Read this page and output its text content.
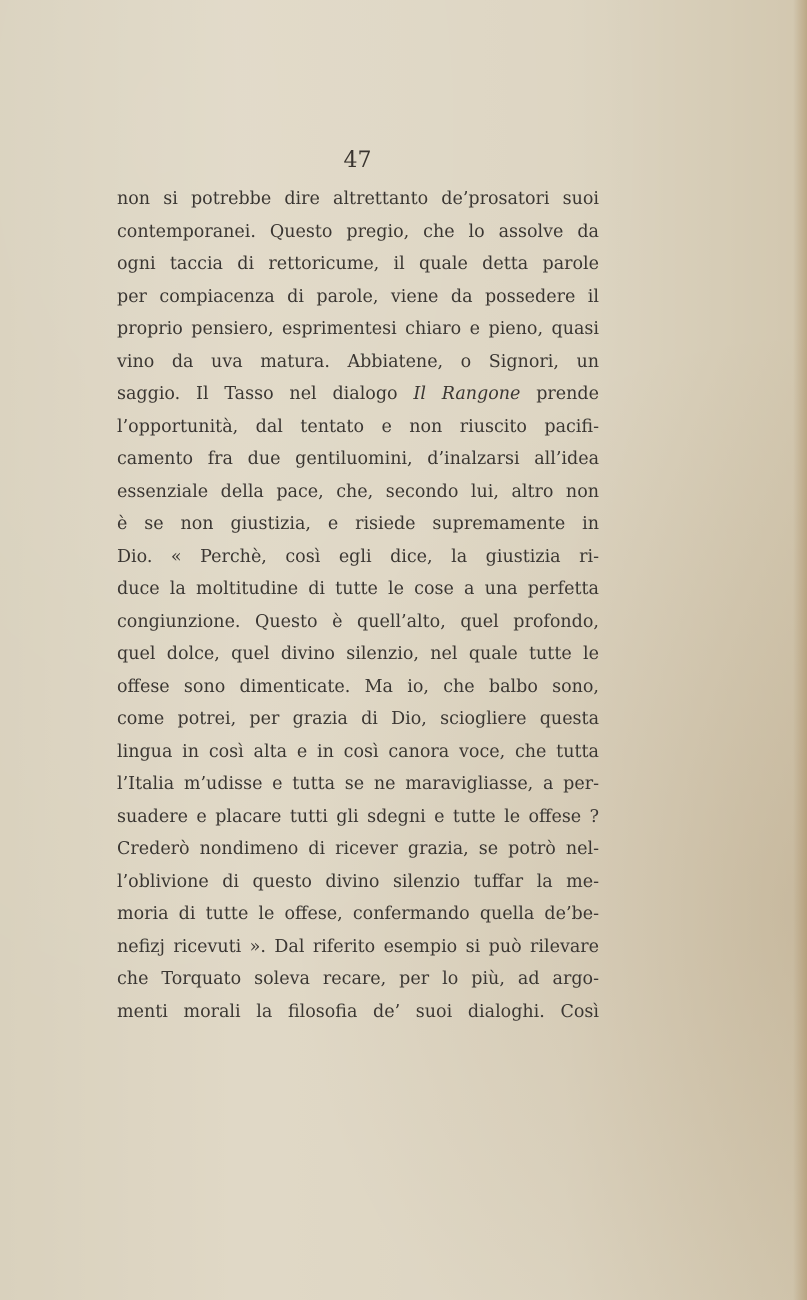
47
non si potrebbe dire altrettanto de’prosatori suoi
contemporanei. Questo pregio, che lo assolve da
ogni taccia di rettoricume, il quale detta parole
per compiacenza di parole, viene da possedere il
proprio pensiero, esprimentesi chiaro e pieno, quasi
vino da uva matura. Abbiatene, o Signori, un
saggio. Il Tasso nel dialogo Il Rangone prende
l’opportunità, dal tentato e non riuscito pacifi-
camento fra due gentiluomini, d’inalzarsi all’idea
essenziale della pace, che, secondo lui, altro non
è se non giustizia, e risiede supremamente in
Dio. « Perchè, così egli dice, la giustizia ri-
duce la moltitudine di tutte le cose a una perfetta
congiunzione. Questo è quell’alto, quel profondo,
quel dolce, quel divino silenzio, nel quale tutte le
offese sono dimenticate. Ma io, che balbo sono,
come potrei, per grazia di Dio, sciogliere questa
lingua in così alta e in così canora voce, che tutta
l’Italia m’udisse e tutta se ne maravigliasse, a per-
suadere e placare tutti gli sdegni e tutte le offese ?
Crederò nondimeno di ricever grazia, se potrò nel-
l’oblivione di questo divino silenzio tuffar la me-
moria di tutte le offese, confermando quella de’be-
nefizj ricevuti ». Dal riferito esempio si può rilevare
che Torquato soleva recare, per lo più, ad argo-
menti morali la filosofia de’ suoi dialoghi. Così
